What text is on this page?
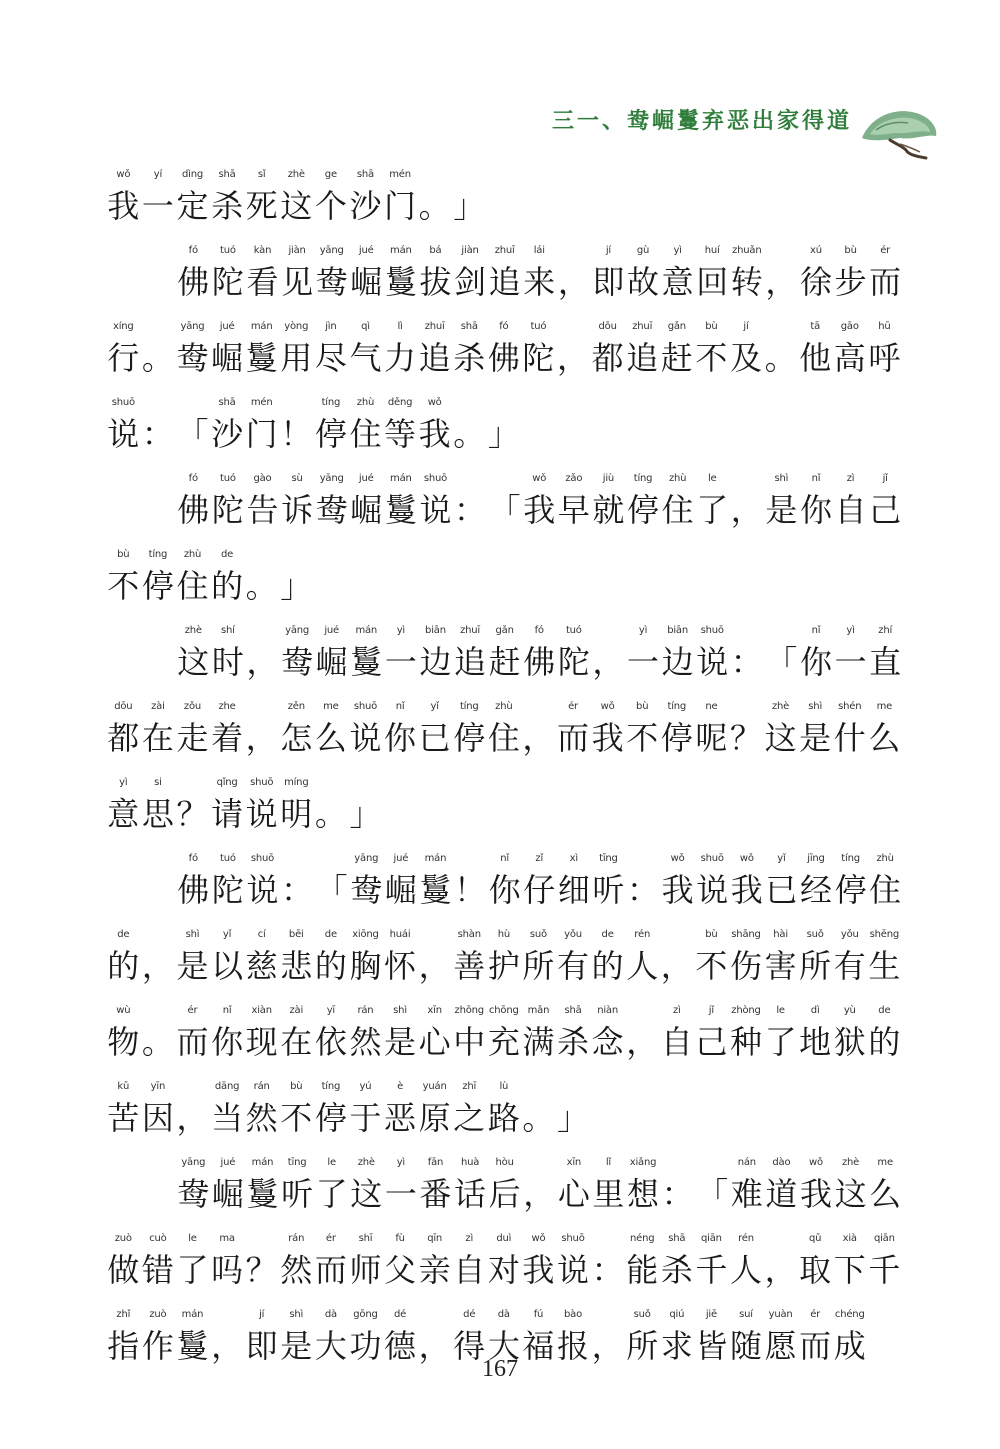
三一、鸯崛鬘弃恶出家得道
wǒ
我
yí
一
dìng
定
shā
杀
sǐ
死
zhè
这
ge
个
shā
沙
mén
门 。 」
fó
佛
tuó
陀
kàn
看
jiàn
见
yāng
鸯
jué
崛
mán
鬘
bá
拔
jiàn
剑
zhuī
追
lái
来 ，
jí
即
gù
故
yì
意
huí
回
zhuǎn
转 ，
xú
徐
bù
步
ér
而
xíng
行 。
yāng
鸯
jué
崛
mán
鬘
yòng
用
jìn
尽
qì
气
lì
力
zhuī
追
shā
杀
fó
佛
tuó
陀 ，
dōu
都
zhuī
追
gǎn
赶
bù
不
jí
及 。
tā
他
gāo
高
hū
呼
shuō
说 ： 「
shā
沙
mén
门 ！
tíng
停
zhù
住
děng
等
wǒ
我 。 」
fó
佛
tuó
陀
gào
告
sù
诉
yāng
鸯
jué
崛
mán
鬘
shuō
说 ： 「
wǒ
我
zǎo
早
jiù
就
tíng
停
zhù
住
le
了 ，
shì
是
nǐ
你
zì
自
jǐ
己
bù
不
tíng
停
zhù
住
de
的 。 」
zhè
这
shí
时 ，
yāng
鸯
jué
崛
mán
鬘
yì
一
biān
边
zhuī
追
gǎn
赶
fó
佛
tuó
陀 ，
yì
一
biān
边
shuō
说 ： 「
nǐ
你
yì
一
zhí
直
dōu
都
zài
在
zǒu
走
zhe
着 ，
zěn
怎
me
么
shuō
说
nǐ
你
yǐ
已
tíng
停
zhù
住 ，
ér
而
wǒ
我
bù
不
tíng
停
ne
呢 ？
zhè
这
shì
是
shén
什
me
么
yì
意
si
思 ？
qǐng
请
shuō
说
míng
明 。 」
fó
佛
tuó
陀
shuō
说 ： 「
yāng
鸯
jué
崛
mán
鬘 ！
nǐ
你
zǐ
仔
xì
细
tīng
听 ：
wǒ
我
shuō
说
wǒ
我
yǐ
已
jīng
经
tíng
停
zhù
住
de
的 ，
shì
是
yǐ
以
cí
慈
bēi
悲
de
的
xiōng
胸
huái
怀 ，
shàn
善
hù
护
suǒ
所
yǒu
有
de
的
rén
人 ，
bù
不
shāng
伤
hài
害
suǒ
所
yǒu
有
shēng
生
wù
物 。
ér
而
nǐ
你
xiàn
现
zài
在
yī
依
rán
然
shì
是
xīn
心
zhōng
中
chōng
充
mǎn
满
shā
杀
niàn
念 ，
zì
自
jǐ
己
zhòng
种
le
了
dì
地
yù
狱
de
的
kǔ
苦
yīn
因 ，
dāng
当
rán
然
bù
不
tíng
停
yú
于
è
恶
yuán
原
zhī
之
lù
路 。 」
yāng
鸯
jué
崛
mán
鬘
tīng
听
le
了
zhè
这
yì
一
fān
番
huà
话
hòu
后 ，
xīn
心
lǐ
里
xiǎng
想 ： 「
nán
难
dào
道
wǒ
我
zhè
这
me
么
zuò
做
cuò
错
le
了
ma
吗 ？
rán
然
ér
而
shī
师
fù
父
qīn
亲
zì
自
duì
对
wǒ
我
shuō
说 ：
néng
能
shā
杀
qiān
千
rén
人 ，
qǔ
取
xià
下
qiān
千
zhǐ
指
zuò
作
mán
鬘 ，
jí
即
shì
是
dà
大
gōng
功
dé
德 ，
dé
得
dà
大
fú
福
bào
报 ，
suǒ
所
qiú
求
jiē
皆
suí
随
yuàn
愿
ér
而
chéng
成
167
